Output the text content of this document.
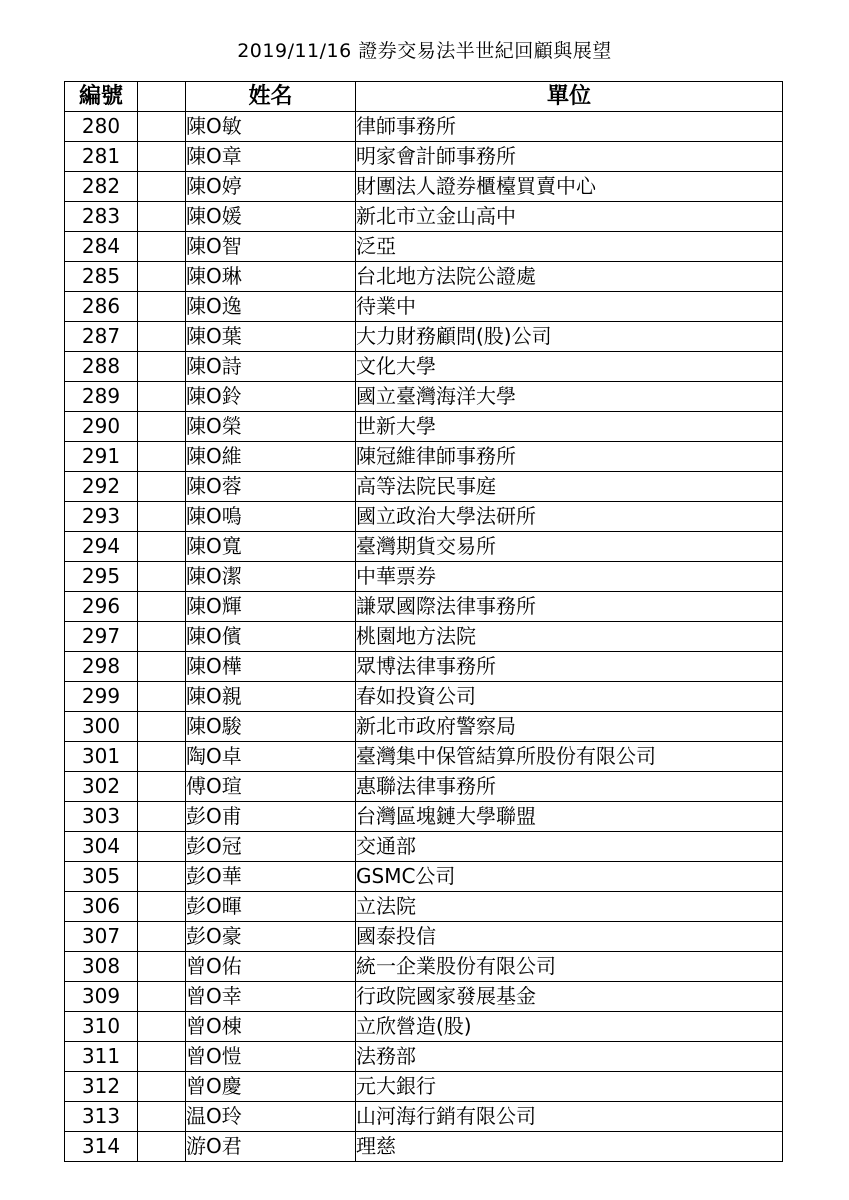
2019/11/16 證券交易法半世紀回顧與展望
編號		姓名	單位
280		陳O敏	律師事務所
281		陳O章	明家會計師事務所
282		陳O婷	財團法人證券櫃檯買賣中心
283		陳O媛	新北市立金山高中
284		陳O智	泛亞
285		陳O琳	台北地方法院公證處
286		陳O逸	待業中
287		陳O葉	大力財務顧問(股)公司
288		陳O詩	文化大學
289		陳O鈴	國立臺灣海洋大學
290		陳O榮	世新大學
291		陳O維	陳冠維律師事務所
292		陳O蓉	高等法院民事庭
293		陳O鳴	國立政治大學法研所
294		陳O寬	臺灣期貨交易所
295		陳O潔	中華票券
296		陳O輝	謙眾國際法律事務所
297		陳O儐	桃園地方法院
298		陳O樺	眾博法律事務所
299		陳O親	春如投資公司
300		陳O駿	新北市政府警察局
301		陶O卓	臺灣集中保管結算所股份有限公司
302		傅O瑄	惠聯法律事務所
303		彭O甫	台灣區塊鏈大學聯盟
304		彭O冠	交通部
305		彭O華	GSMC公司
306		彭O暉	立法院
307		彭O豪	國泰投信
308		曾O佑	統一企業股份有限公司
309		曾O幸	行政院國家發展基金
310		曾O棟	立欣營造(股)
311		曾O愷	法務部
312		曾O慶	元大銀行
313		温O玲	山河海行銷有限公司
314		游O君	理慈
